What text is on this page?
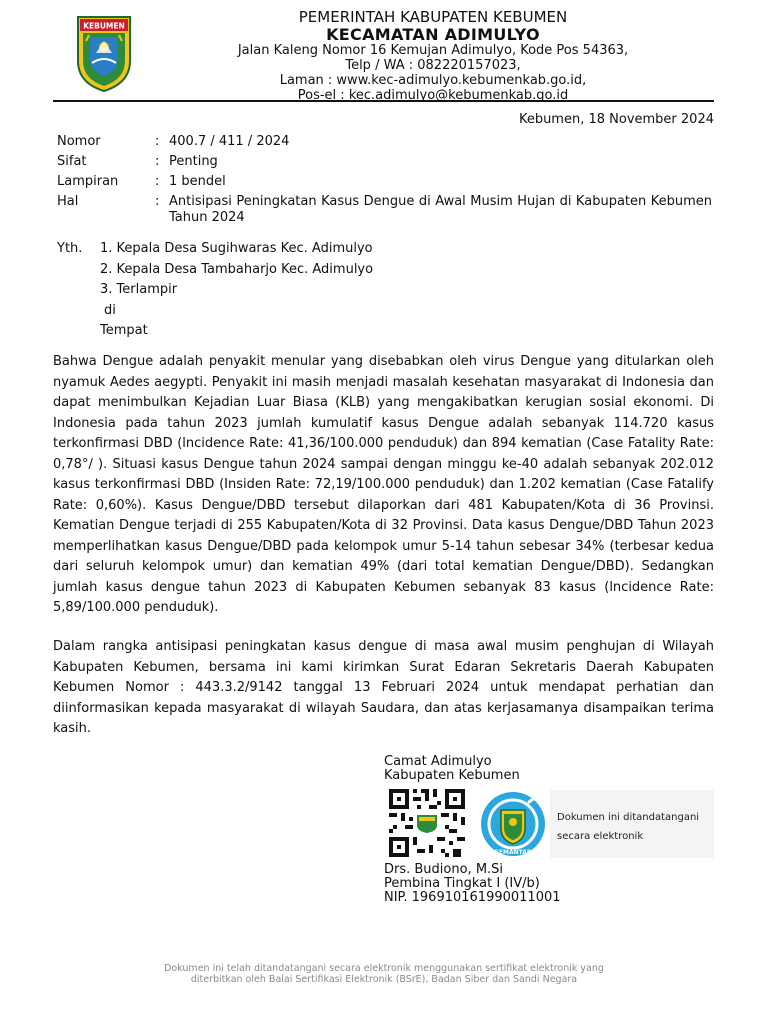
KEBUMEN	PEMERINTAH KABUPATEN KEBUMEN
KECAMATAN ADIMULYO
Jalan Kaleng Nomor 16 Kemujan Adimulyo, Kode Pos 54363,
Telp / WA : 082220157023,
Laman : www.kec-adimulyo.kebumenkab.go.id,
Pos-el : kec.adimulyo@kebumenkab.go.id
Kebumen, 18 November 2024
Nomor	: 400.7 / 411 / 2024
Sifat	: Penting
Lampiran	: 1 bendel
Hal	: Antisipasi Peningkatan Kasus Dengue di Awal Musim Hujan di Kabupaten Kebumen Tahun 2024
Yth. 1. Kepala Desa Sugihwaras Kec. Adimulyo
2. Kepala Desa Tambaharjo Kec. Adimulyo
3. Terlampir
di
Tempat
Bahwa Dengue adalah penyakit menular yang disebabkan oleh virus Dengue yang ditularkan oleh nyamuk Aedes aegypti. Penyakit ini masih menjadi masalah kesehatan masyarakat di Indonesia dan dapat menimbulkan Kejadian Luar Biasa (KLB) yang mengakibatkan kerugian sosial ekonomi. Di Indonesia pada tahun 2023 jumlah kumulatif kasus Dengue adalah sebanyak 114.720 kasus terkonfirmasi DBD (lncidence Rate: 41,36/100.000 penduduk) dan 894 kematian (Case Fatality Rate: 0,78°/ ). Situasi kasus Dengue tahun 2024 sampai dengan minggu ke-40 adalah sebanyak 202.012 kasus terkonfirmasi DBD (Insiden Rate: 72,19/100.000 penduduk) dan 1.202 kematian (Case Fatalify Rate: 0,60%). Kasus Dengue/DBD tersebut dilaporkan dari 481 Kabupaten/Kota di 36 Provinsi. Kematian Dengue terjadi di 255 Kabupaten/Kota di 32 Provinsi. Data kasus Dengue/DBD Tahun 2023 memperlihatkan kasus Dengue/DBD pada kelompok umur 5-14 tahun sebesar 34% (terbesar kedua dari seluruh kelompok umur) dan kematian 49% (dari total kematian Dengue/DBD). Sedangkan jumlah kasus dengue tahun 2023 di Kabupaten Kebumen sebanyak 83 kasus (lncidence Rate: 5,89/100.000 penduduk).
Dalam rangka antisipasi peningkatan kasus dengue di masa awal musim penghujan di Wilayah Kabupaten Kebumen, bersama ini kami kirimkan Surat Edaran Sekretaris Daerah Kabupaten Kebumen Nomor : 443.3.2/9142 tanggal 13 Februari 2024 untuk mendapat perhatian dan diinformasikan kepada masyarakat di wilayah Saudara, dan atas kerjasamanya disampaikan terima kasih.
Camat Adimulyo
Kabupaten Kebumen
SEMANTAB
Dokumen ini ditandatangani
secara elektronik
Drs. Budiono, M.Si
Pembina Tingkat I (IV/b)
NIP. 196910161990011001
Dokumen ini telah ditandatangani secara elektronik menggunakan sertifikat elektronik yang
diterbitkan oleh Balai Sertifikasi Elektronik (BSrE), Badan Siber dan Sandi Negara
